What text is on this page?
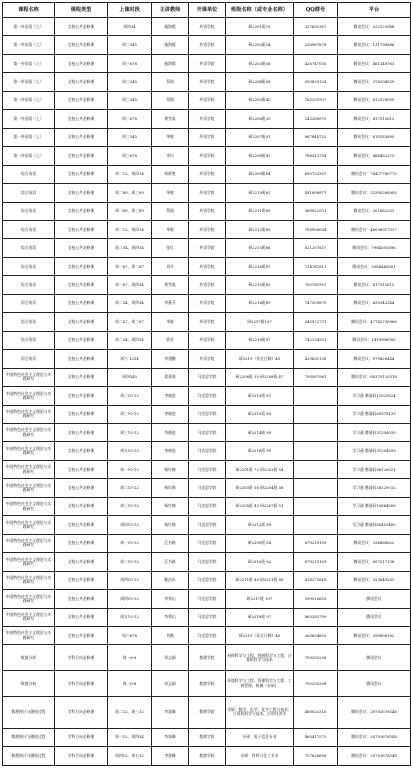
课程名称	课程类型	上课时段	主讲教师	开课单位	班级名称（或专业名称）	QQ群号	平台
第一外国语（上）	全校公共必修课	周四34	施海霞	外语学院	研2201班72	337631307	腾讯会议：322125988
第一外国语（上）	全校公共必修课	周三345	施海霞	外语学院	研2202班54	220967878	腾讯会议：131798886
第一外国语（上）	全校公共必修课	周三678	施海霞	外语学院	研2203班56	426747035	腾讯会议：461348763
第一外国语（上）	全校公共必修课	周三345	蔡倩	外语学院	研2204班56	593829124	腾讯会议：378204039
第一外国语（上）	全校公共必修课	周三345	蔡倩	外语学院	研2205班43	765251937	腾讯会议：612370059
第一外国语（上）	全校公共必修课	周二678	黄雪岚	外语学院	研2206班35	243260075	腾讯会议：417512613
第一外国语（上）	全校公共必修课	周三345	华敏	外语学院	研2207班51	867840752	腾讯会议：610183895
第一外国语（上）	全校公共必修课	周三678	李闪	外语学院	研2208班47	788312794	腾讯会议：484462273
综合英语	全校公共必修课	周二12、周四34	柯群胜	外语学院	研2209班84	690723307	腾讯会议：74437780775
综合英语	全校公共必修课	周二89、周三89	华敏	外语学院	研2210班82	491898871	腾讯会议：33395268905
综合英语	全校公共必修课	周二89、周三89	蔡倩	外语学院	研2211班89	369922531	腾讯会议：201682231
综合英语	全校公共必修课	周二12、周四34	华敏	外语学院	研2212班89	795990634	腾讯会议：46036917327
综合英语	全校公共必修课	周二34、周四34	张红	外语学院	研2213班68	821207857	腾讯会议：7964591696
综合英语	全校公共必修课	周一67、周二67	刘丹	外语学院	研2214班87	734761811	腾讯会议：5064445601
综合英语	全校公共必修课	周一67、周四34	黄雪岚	外语学院	研2215班83	705781951	腾讯会议：417512615
综合英语	全校公共必修课	周二34、周四34	李燕芬	外语学院	研2216班89	747550870	腾讯会议：650343344
综合英语	全校公共必修课	周二67、周三67	华敏	外语学院	研2217班107	345972731	腾讯会议：47745730966
综合英语	全校公共必修课	周二34、周四34	蒋芳	外语学院	研2218班97	742134251	腾讯会议：1419906092
综合英语	全校公共必修课	周六 1234	李建鹏	外语学院	研2219（非全日制）40	429631136	腾讯会议：979426444
中国特色社会主义理论与实践研究	全校公共必修课	周四345	姜蒲春	马克思学院	研2206班 35 研2208班 47	790567961	腾讯会议：68379133318
中国特色社会主义理论与实践研究	全校公共必修课	周三10-12	李晓进	马克思学院	研2213班 87		学习通 邀请码11023624
中国特色社会主义理论与实践研究	全校公共必修课	周三10-12	李晓进	马克思学院	研2215班 83		学习通 邀请码63978135
中国特色社会主义理论与实践研究	全校公共必修课	周三10-12	李晓进	马克思学院	研2214班 89		学习通 邀请码31204939
中国特色社会主义理论与实践研究	全校公共必修课	周五10-12	李晓进	马克思学院	研2216班 99		学习通 邀请码31204939
中国特色社会主义理论与实践研究	全校公共必修课	周一10-12	杨红梅	马克思学院	研2201班 72 研2202班 54		学习通 邀请码96126021
中国特色社会主义理论与实践研究	全校公共必修课	周二10-12	杨红梅	马克思学院	研2203班 56 研2204班 56		学习通 邀请码38129732
中国特色社会主义理论与实践研究	全校公共必修课	周三10-12	杨红梅	马克思学院	研2205班 43 研2207班 51		学习通 邀请码10864006
中国特色社会主义理论与实践研究	全校公共必修课	周四10-12	杨红梅	马克思学院	研2212班 89		学习通 邀请码60453460
中国特色社会主义理论与实践研究	全校公共必修课	周一10-12	汪书路	马克思学院	研2209班 84	679219109	腾讯会议：334666622
中国特色社会主义理论与实践研究	全校公共必修课	周二10-12	汪书路	马克思学院	研2210班 82	679219109	腾讯会议：607517138
中国特色社会主义理论与实践研究	全校公共必修课	周四10-12	勤治东	马克思学院	研2211班 89 研2211班 89	414273818	腾讯会议：323649281
中国特色社会主义理论与实践研究	全校公共必修课	周四10-12	李和山	马克思学院	研2217班 107	599516633	腾讯会议
中国特色社会主义理论与实践研究	全校公共必修课	周五10-12	李和山	马克思学院	研2218班 97	863283799	腾讯会议
中国特色社会主义理论与实践研究	全校公共必修课	周六678	刘晓	马克思学院	研2219（非全日制）40	260634855	腾讯会议：299898182
数值分析	学科方向必修课	周一6-8	周志刚	数理学院	材料科学与工程、控制科学与工程、计算机科学与技术	793292258	腾讯会议
数值分析	学科方向必修课	周二6-8	周志刚	数理学院	环境科学与工程、管理科学与工程、工商管理、机械（专硕）	793292258	腾讯会议
数理统计与随机过程	学科方向必修课	周二12、周三12	李贤峰	数理学院	学硕：数学、化学、化学工程与技术、计算机科学与技术、应用经济学	460025316	腾讯会议：29792678548
数理统计与随机过程	学科方向必修课	周一12、周四34	李贤峰	数理学院	专硕：电子信息专业	460417575	腾讯会议：29792678548
数理统计与随机过程	学科方向必修课	周四12、周五12	李贤峰	数理学院	专硕：材料与化工专业	757626658	腾讯会议：29792678548
